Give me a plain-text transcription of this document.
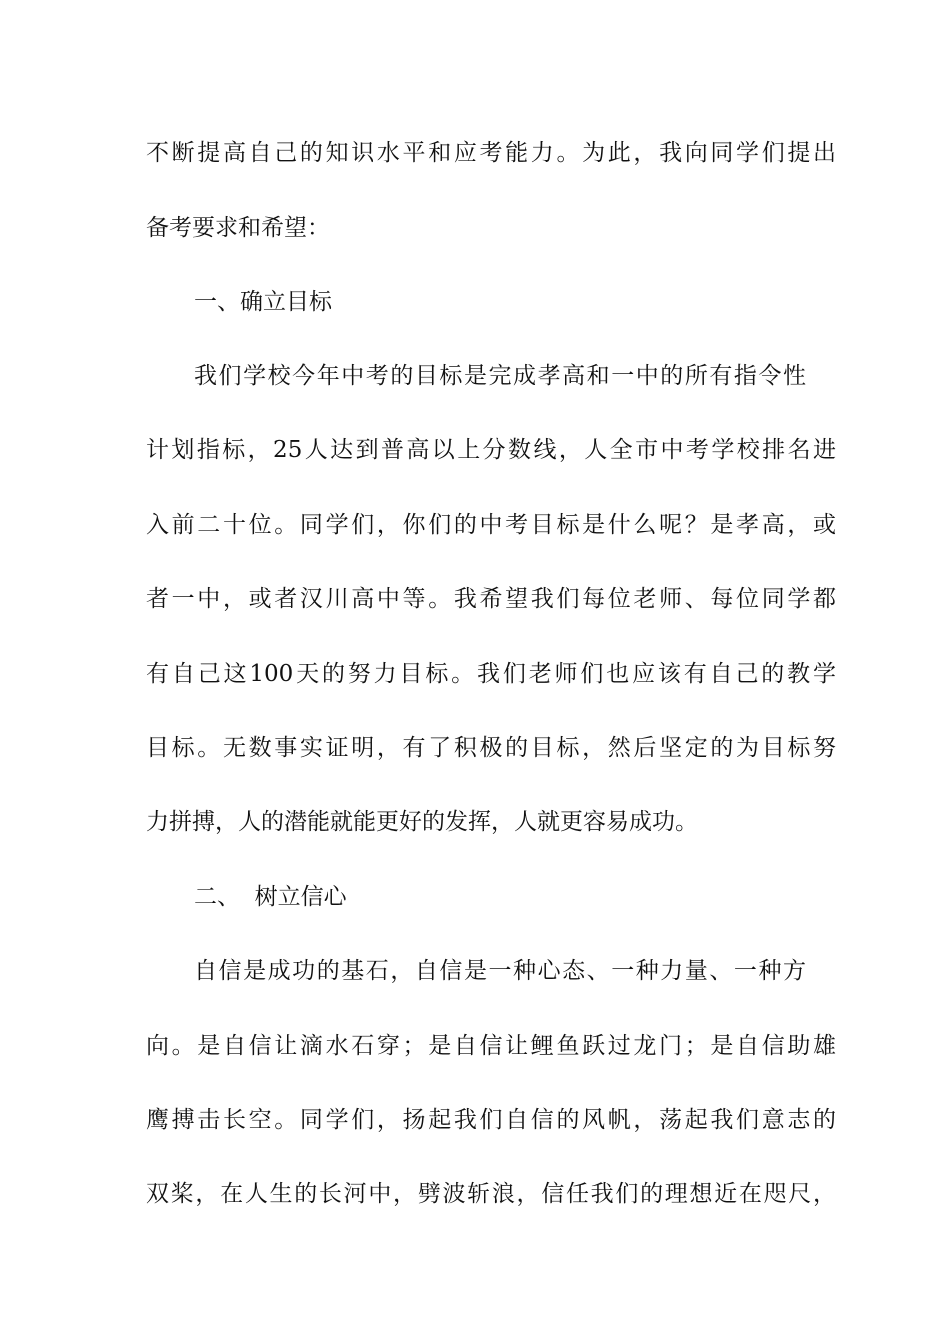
不断提高自己的知识水平和应考能力。为此，我向同学们提出
备考要求和希望：
一、确立目标
我们学校今年中考的目标是完成孝高和一中的所有指令性
计划指标，25人达到普高以上分数线，人全市中考学校排名进
入前二十位。同学们，你们的中考目标是什么呢？是孝高，或
者一中，或者汉川高中等。我希望我们每位老师、每位同学都
有自己这100天的努力目标。我们老师们也应该有自己的教学
目标。无数事实证明，有了积极的目标，然后坚定的为目标努
力拼搏，人的潜能就能更好的发挥，人就更容易成功。
二、  树立信心
自信是成功的基石，自信是一种心态、一种力量、一种方
向。是自信让滴水石穿；是自信让鲤鱼跃过龙门；是自信助雄
鹰搏击长空。同学们，扬起我们自信的风帆，荡起我们意志的
双桨，在人生的长河中，劈波斩浪，信任我们的理想近在咫尺，
